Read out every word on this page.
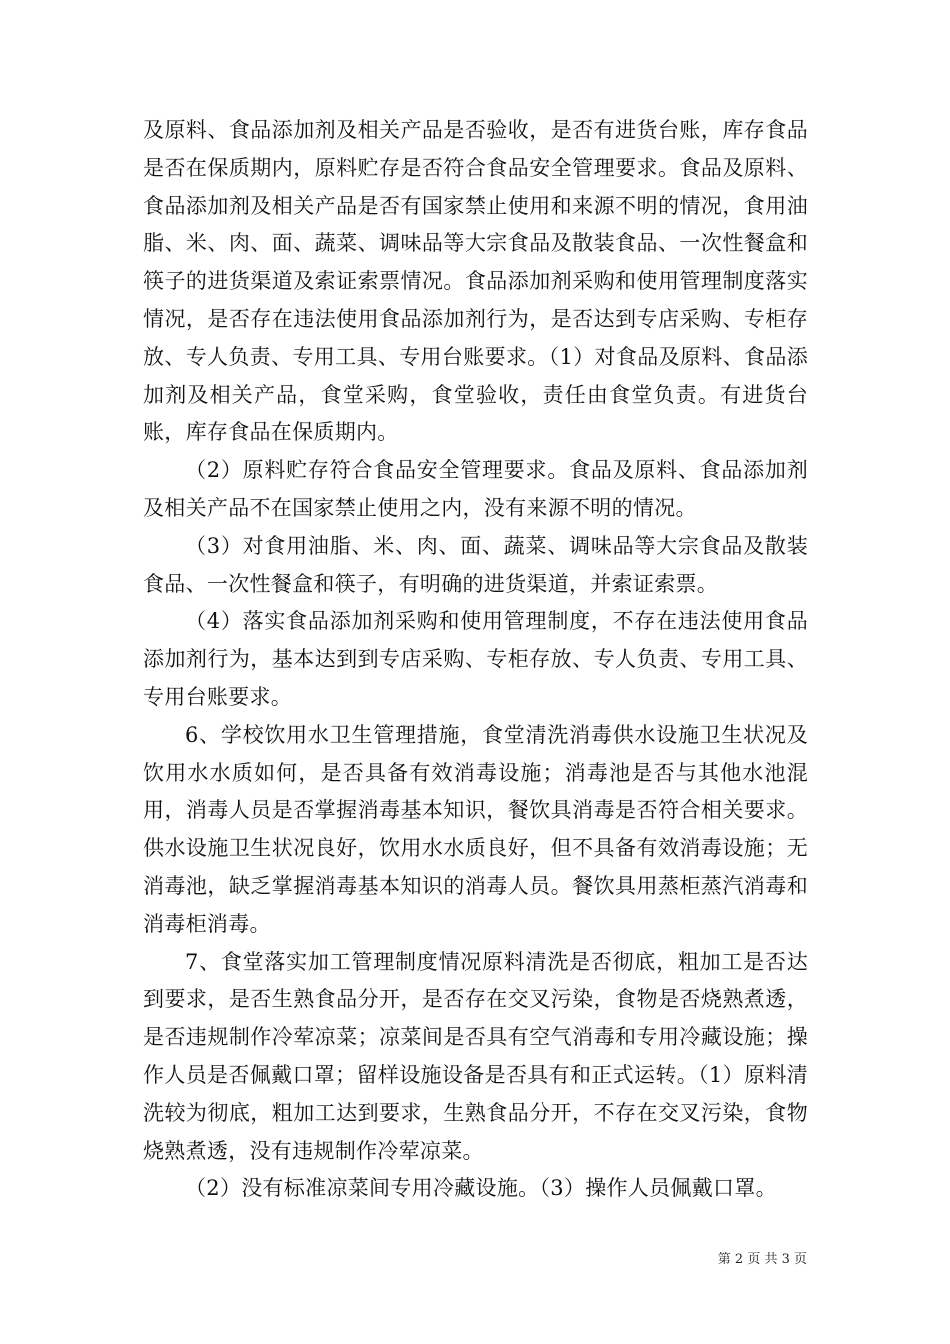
及原料、食品添加剂及相关产品是否验收，是否有进货台账，库存食品是否在保质期内，原料贮存是否符合食品安全管理要求。食品及原料、食品添加剂及相关产品是否有国家禁止使用和来源不明的情况，食用油脂、米、肉、面、蔬菜、调味品等大宗食品及散装食品、一次性餐盒和筷子的进货渠道及索证索票情况。食品添加剂采购和使用管理制度落实情况，是否存在违法使用食品添加剂行为，是否达到专店采购、专柜存放、专人负责、专用工具、专用台账要求。（1）对食品及原料、食品添加剂及相关产品，食堂采购，食堂验收，责任由食堂负责。有进货台账，库存食品在保质期内。

（2）原料贮存符合食品安全管理要求。食品及原料、食品添加剂及相关产品不在国家禁止使用之内，没有来源不明的情况。

（3）对食用油脂、米、肉、面、蔬菜、调味品等大宗食品及散装食品、一次性餐盒和筷子，有明确的进货渠道，并索证索票。

（4）落实食品添加剂采购和使用管理制度，不存在违法使用食品添加剂行为，基本达到到专店采购、专柜存放、专人负责、专用工具、专用台账要求。

6、学校饮用水卫生管理措施，食堂清洗消毒供水设施卫生状况及饮用水水质如何，是否具备有效消毒设施；消毒池是否与其他水池混用，消毒人员是否掌握消毒基本知识，餐饮具消毒是否符合相关要求。供水设施卫生状况良好，饮用水水质良好，但不具备有效消毒设施；无消毒池，缺乏掌握消毒基本知识的消毒人员。餐饮具用蒸柜蒸汽消毒和消毒柜消毒。

7、食堂落实加工管理制度情况原料清洗是否彻底，粗加工是否达到要求，是否生熟食品分开，是否存在交叉污染，食物是否烧熟煮透，是否违规制作冷荤凉菜；凉菜间是否具有空气消毒和专用冷藏设施；操作人员是否佩戴口罩；留样设施设备是否具有和正式运转。（1）原料清洗较为彻底，粗加工达到要求，生熟食品分开，不存在交叉污染，食物烧熟煮透，没有违规制作冷荤凉菜。

（2）没有标准凉菜间专用冷藏设施。（3）操作人员佩戴口罩。

第 2 页 共 3 页
